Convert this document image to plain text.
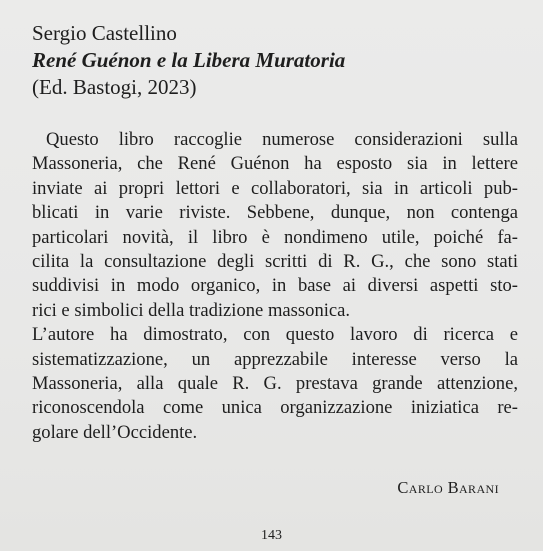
Sergio Castellino
René Guénon e la Libera Muratoria
(Ed. Bastogi, 2023)
Questo libro raccoglie numerose considerazioni sulla
Massoneria, che René Guénon ha esposto sia in lettere
inviate ai propri lettori e collaboratori, sia in articoli pub-
blicati in varie riviste. Sebbene, dunque, non contenga
particolari novità, il libro è nondimeno utile, poiché fa-
cilita la consultazione degli scritti di R. G., che sono stati
suddivisi in modo organico, in base ai diversi aspetti sto-
rici e simbolici della tradizione massonica.
L’autore ha dimostrato, con questo lavoro di ricerca e
sistematizzazione, un apprezzabile interesse verso la
Massoneria, alla quale R. G. prestava grande attenzione,
riconoscendola come unica organizzazione iniziatica re-
golare dell’Occidente.
Carlo Barani
143
